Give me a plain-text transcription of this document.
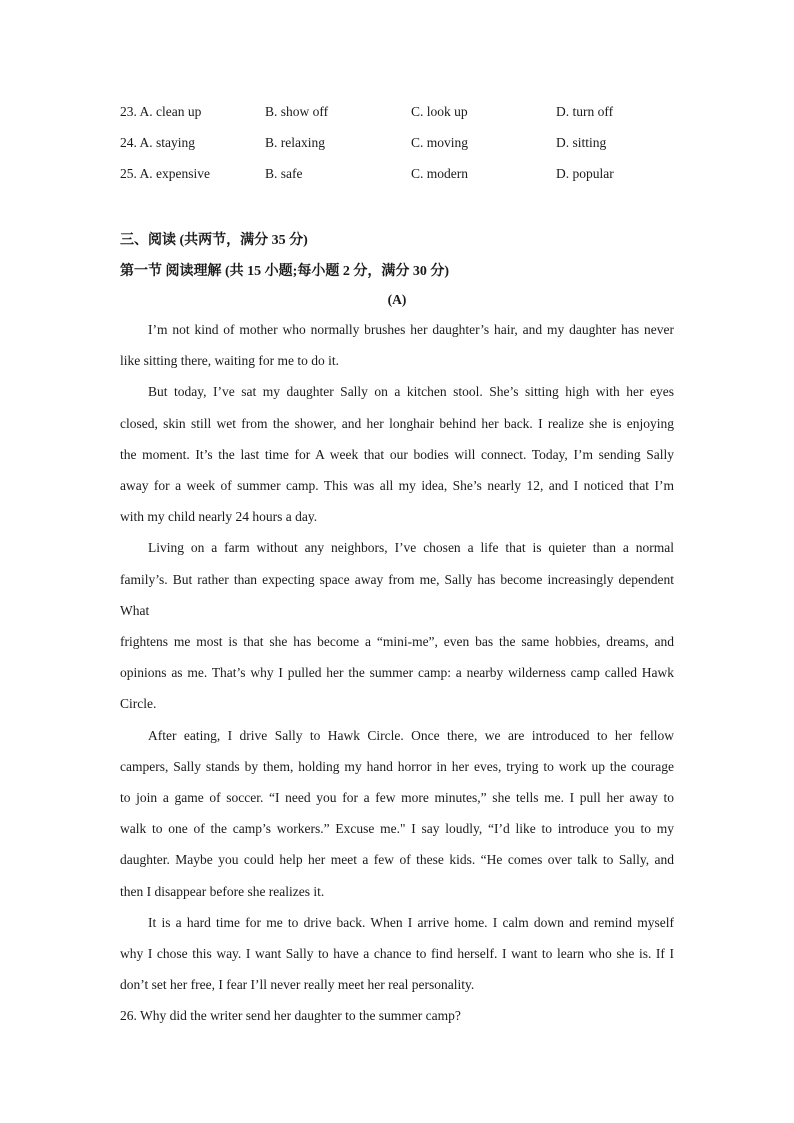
23. A. clean up	B. show off	C. look up	D. turn off
24. A. staying	B. relaxing	C. moving	D. sitting
25. A. expensive	B. safe	C. modern	D. popular
三、阅读 (共两节，满分 35 分)
第一节 阅读理解 (共 15 小题;每小题 2 分，满分 30 分)
(A)
I’m not kind of mother who normally brushes her daughter’s hair, and my daughter has never
like sitting there, waiting for me to do it.
But today, I’ve sat my daughter Sally on a kitchen stool. She’s sitting high with her eyes
closed, skin still wet from the shower, and her longhair behind her back. I realize she is enjoying
the moment. It’s the last time for A week that our bodies will connect. Today, I’m sending Sally
away for a week of summer camp. This was all my idea, She’s nearly 12, and I noticed that I’m
with my child nearly 24 hours a day.
Living on a farm without any neighbors, I’ve chosen a life that is quieter than a normal
family’s. But rather than expecting space away from me, Sally has become increasingly dependent
What
frightens me most is that she has become a “mini-me”, even bas the same hobbies, dreams, and
opinions as me. That’s why I pulled her the summer camp: a nearby wilderness camp called Hawk
Circle.
After eating, I drive Sally to Hawk Circle. Once there, we are introduced to her fellow
campers, Sally stands by them, holding my hand horror in her eves, trying to work up the courage
to join a game of soccer. “I need you for a few more minutes,” she tells me. I pull her away to
walk to one of the camp’s workers.” Excuse me." I say loudly, “I’d like to introduce you to my
daughter. Maybe you could help her meet a few of these kids. “He comes over talk to Sally, and
then I disappear before she realizes it.
It is a hard time for me to drive back. When I arrive home. I calm down and remind myself
why I chose this way. I want Sally to have a chance to find herself. I want to learn who she is. If I
don’t set her free, I fear I’ll never really meet her real personality.
26. Why did the writer send her daughter to the summer camp?
